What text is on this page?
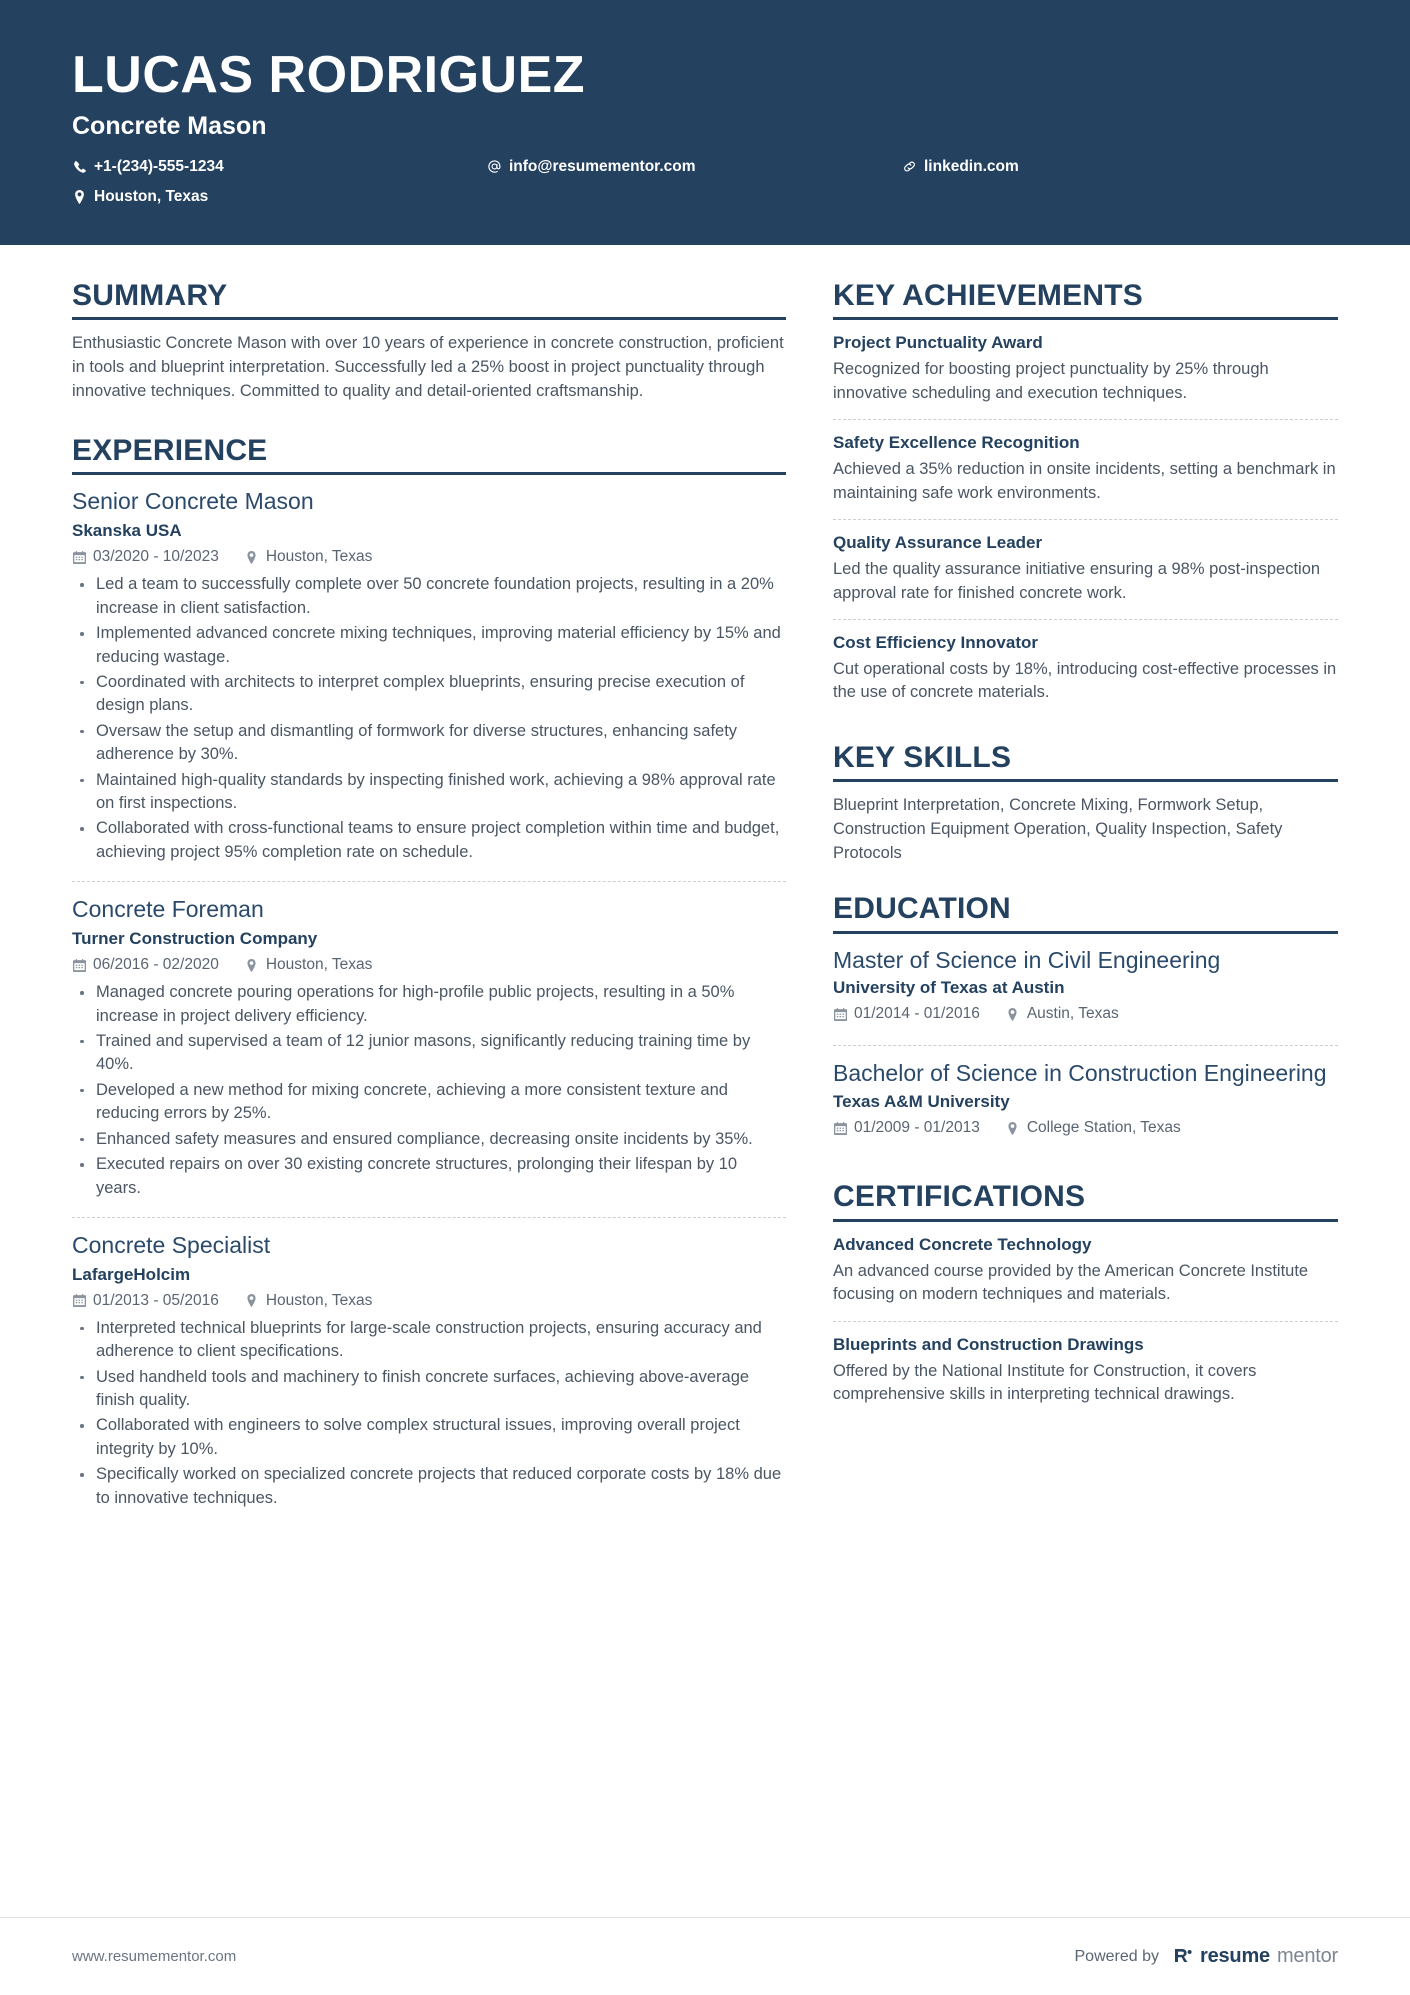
LUCAS RODRIGUEZ
Concrete Mason
+1-(234)-555-1234
Houston, Texas
info@resumementor.com	linkedin.com
SUMMARY

Enthusiastic Concrete Mason with over 10 years of experience in concrete construction, proficient in tools and blueprint interpretation. Successfully led a 25% boost in project punctuality through innovative techniques. Committed to quality and detail-oriented craftsmanship.

EXPERIENCE
Senior Concrete Mason
Skanska USA
03/2020 - 10/2023	Houston, Texas
Led a team to successfully complete over 50 concrete foundation projects, resulting in a 20% increase in client satisfaction.
Implemented advanced concrete mixing techniques, improving material efficiency by 15% and reducing wastage.
Coordinated with architects to interpret complex blueprints, ensuring precise execution of design plans.
Oversaw the setup and dismantling of formwork for diverse structures, enhancing safety adherence by 30%.
Maintained high-quality standards by inspecting finished work, achieving a 98% approval rate on first inspections.
Collaborated with cross-functional teams to ensure project completion within time and budget, achieving project 95% completion rate on schedule.
Concrete Foreman
Turner Construction Company
06/2016 - 02/2020	Houston, Texas
Managed concrete pouring operations for high-profile public projects, resulting in a 50% increase in project delivery efficiency.
Trained and supervised a team of 12 junior masons, significantly reducing training time by 40%.
Developed a new method for mixing concrete, achieving a more consistent texture and reducing errors by 25%.
Enhanced safety measures and ensured compliance, decreasing onsite incidents by 35%.
Executed repairs on over 30 existing concrete structures, prolonging their lifespan by 10 years.
Concrete Specialist
LafargeHolcim
01/2013 - 05/2016	Houston, Texas
Interpreted technical blueprints for large-scale construction projects, ensuring accuracy and adherence to client specifications.
Used handheld tools and machinery to finish concrete surfaces, achieving above-average finish quality.
Collaborated with engineers to solve complex structural issues, improving overall project integrity by 10%.
Specifically worked on specialized concrete projects that reduced corporate costs by 18% due to innovative techniques.
KEY ACHIEVEMENTS
Project Punctuality Award

Recognized for boosting project punctuality by 25% through innovative scheduling and execution techniques.

Safety Excellence Recognition

Achieved a 35% reduction in onsite incidents, setting a benchmark in maintaining safe work environments.

Quality Assurance Leader

Led the quality assurance initiative ensuring a 98% post-inspection approval rate for finished concrete work.

Cost Efficiency Innovator

Cut operational costs by 18%, introducing cost-effective processes in the use of concrete materials.

KEY SKILLS

Blueprint Interpretation, Concrete Mixing, Formwork Setup, Construction Equipment Operation, Quality Inspection, Safety Protocols

EDUCATION
Master of Science in Civil Engineering
University of Texas at Austin
01/2014 - 01/2016	Austin, Texas
Bachelor of Science in Construction Engineering
Texas A&M University
01/2009 - 01/2013	College Station, Texas
CERTIFICATIONS
Advanced Concrete Technology

An advanced course provided by the American Concrete Institute focusing on modern techniques and materials.

Blueprints and Construction Drawings

Offered by the National Institute for Construction, it covers comprehensive skills in interpreting technical drawings.

www.resumementor.com	Powered by resume mentor
